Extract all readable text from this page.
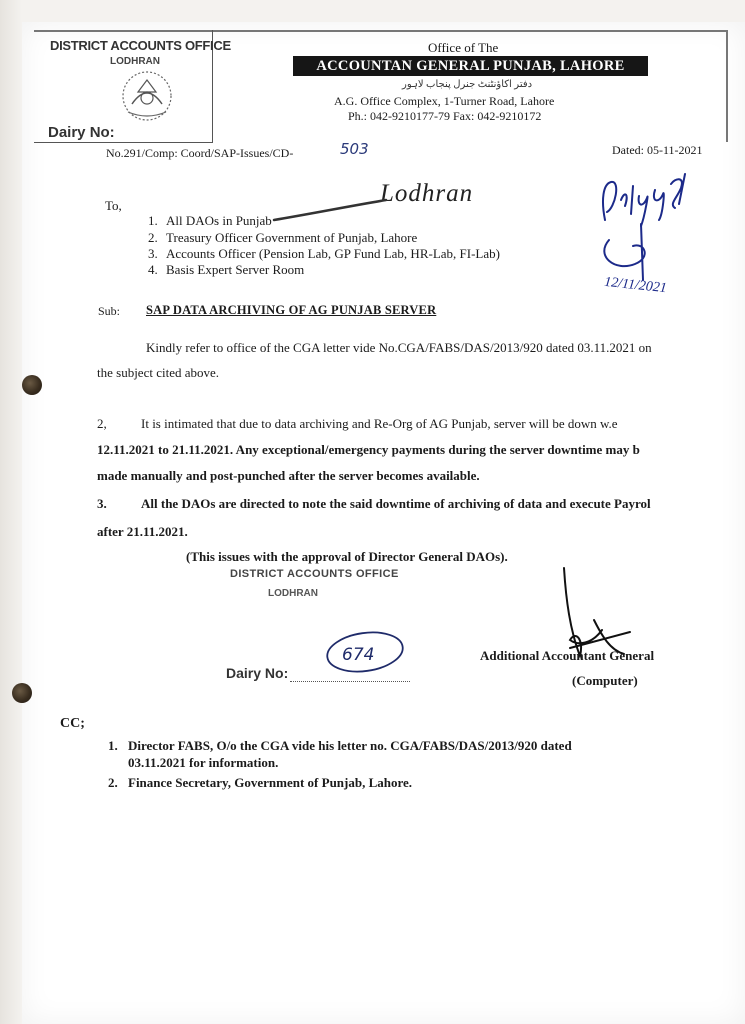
DISTRICT ACCOUNTS OFFICE
LODHRAN
Dairy No:
Office of The
ACCOUNTAN GENERAL PUNJAB, LAHORE
دفتر اکاؤنٹنٹ جنرل پنجاب لاہور
A.G. Office Complex, 1-Turner Road, Lahore
Ph.: 042-9210177-79 Fax: 042-9210172
No.291/Comp: Coord/SAP-Issues/CD-	503	Dated: 05-11-2021
12/11/2021
To,	Lodhran
1. All DAOs in Punjab
2. Treasury Officer Government of Punjab, Lahore
3. Accounts Officer (Pension Lab, GP Fund Lab, HR-Lab, FI-Lab)
4. Basis Expert Server Room
Sub: SAP DATA ARCHIVING OF AG PUNJAB SERVER
Kindly refer to office of the CGA letter vide No.CGA/FABS/DAS/2013/920 dated 03.11.2021 on
the subject cited above.
2,	It is intimated that due to data archiving and Re-Org of AG Punjab, server will be down w.e
12.11.2021 to 21.11.2021. Any exceptional/emergency payments during the server downtime may b
made manually and post-punched after the server becomes available.
3.	All the DAOs are directed to note the said downtime of archiving of data and execute Payrol
after 21.11.2021.
(This issues with the approval of Director General DAOs).
DISTRICT ACCOUNTS OFFICE
LODHRAN
Dairy No:
674	Additional Accountant General
(Computer)
CC;
1. Director FABS, O/o the CGA vide his letter no. CGA/FABS/DAS/2013/920 dated
03.11.2021 for information.
2. Finance Secretary, Government of Punjab, Lahore.
